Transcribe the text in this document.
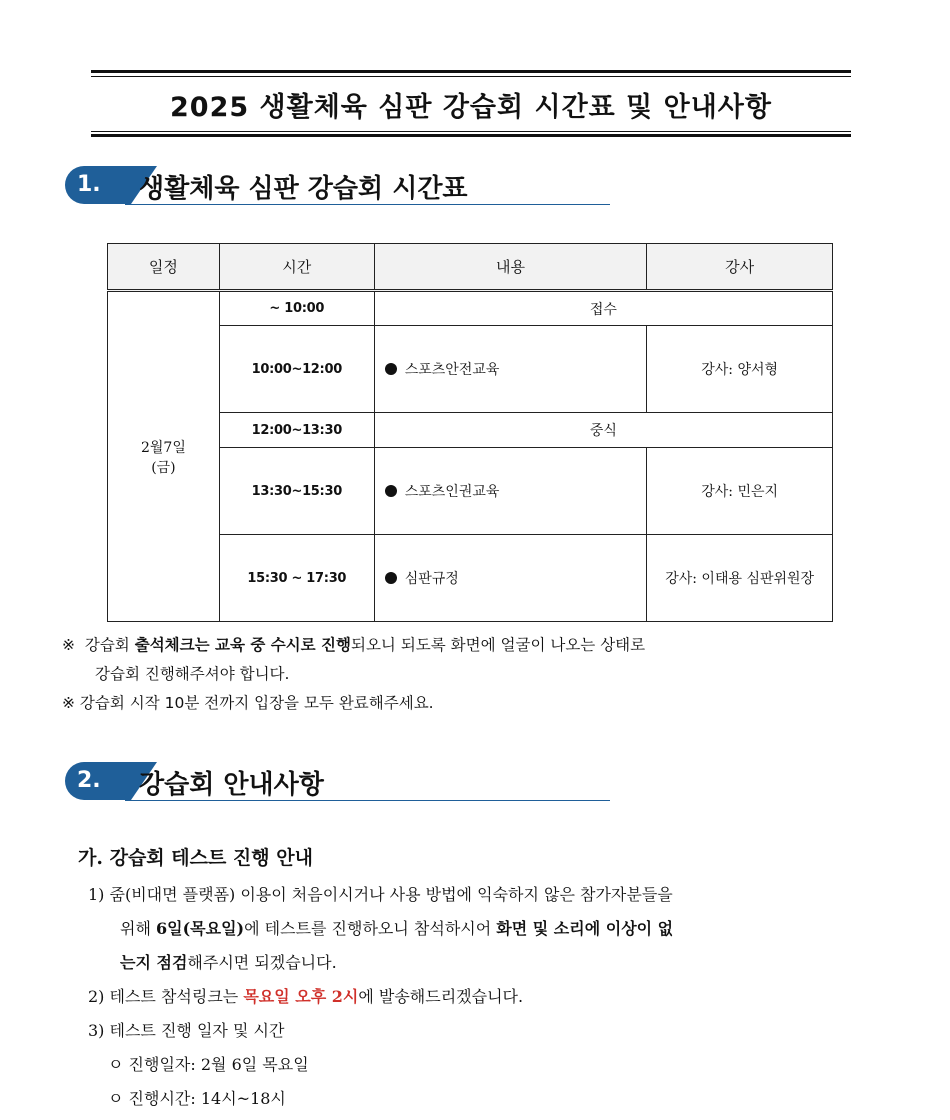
2025 생활체육 심판 강습회 시간표 및 안내사항
1.	생활체육 심판 강습회 시간표
일정	시간	내용	강사

2월7일
(금)	~ 10:00	접수	
	10:00~12:00	스포츠안전교육	강사: 양서형
	12:00~13:30	중식	
	13:30~15:30	스포츠인권교육	강사: 민은지
	15:30 ~ 17:30	심판규정	강사: 이태용 심판위원장
※ 강습회 출석체크는 교육 중 수시로 진행되오니 되도록 화면에 얼굴이 나오는 상태로
강습회 진행해주셔야 합니다.
※ 강습회 시작 10분 전까지 입장을 모두 완료해주세요.
2.	강습회 안내사항
가. 강습회 테스트 진행 안내
1) 줌(비대면 플랫폼) 이용이 처음이시거나 사용 방법에 익숙하지 않은 참가자분들을
위해 6일(목요일)에 테스트를 진행하오니 참석하시어 화면 및 소리에 이상이 없
는지 점검해주시면 되겠습니다.
2) 테스트 참석링크는 목요일 오후 2시에 발송해드리겠습니다.
3) 테스트 진행 일자 및 시간
ㅇ 진행일자: 2월 6일 목요일
ㅇ 진행시간: 14시~18시
